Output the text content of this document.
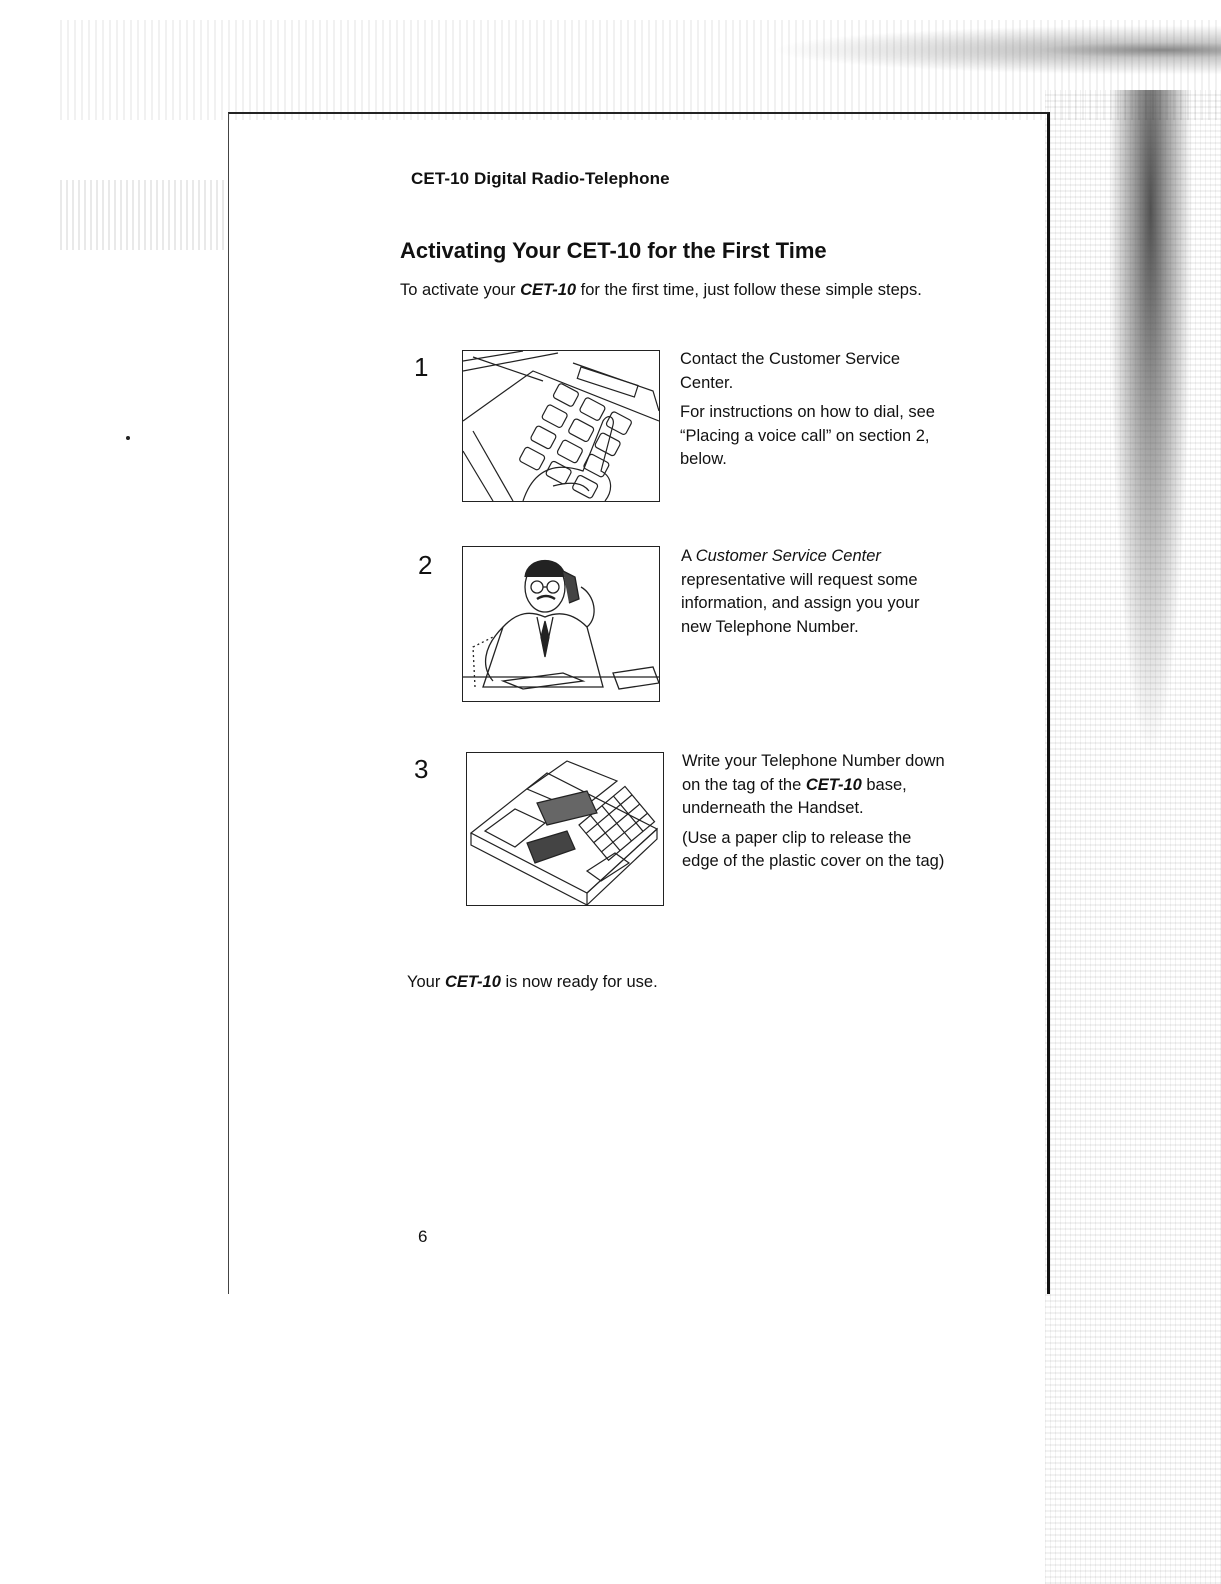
CET-10 Digital Radio-Telephone
Activating Your CET-10 for the First Time
To activate your CET-10 for the first time, just follow these simple steps.
1	Contact the Customer Service Center.

For instructions on how to dial, see “Placing a voice call” on section 2, below.

2	A Customer Service Center representative will request some information, and assign you your new Telephone Number.

3	Write your Telephone Number down on the tag of the CET-10 base, underneath the Handset.

(Use a paper clip to release the edge of the plastic cover on the tag)

Your CET-10 is now ready for use.
6
